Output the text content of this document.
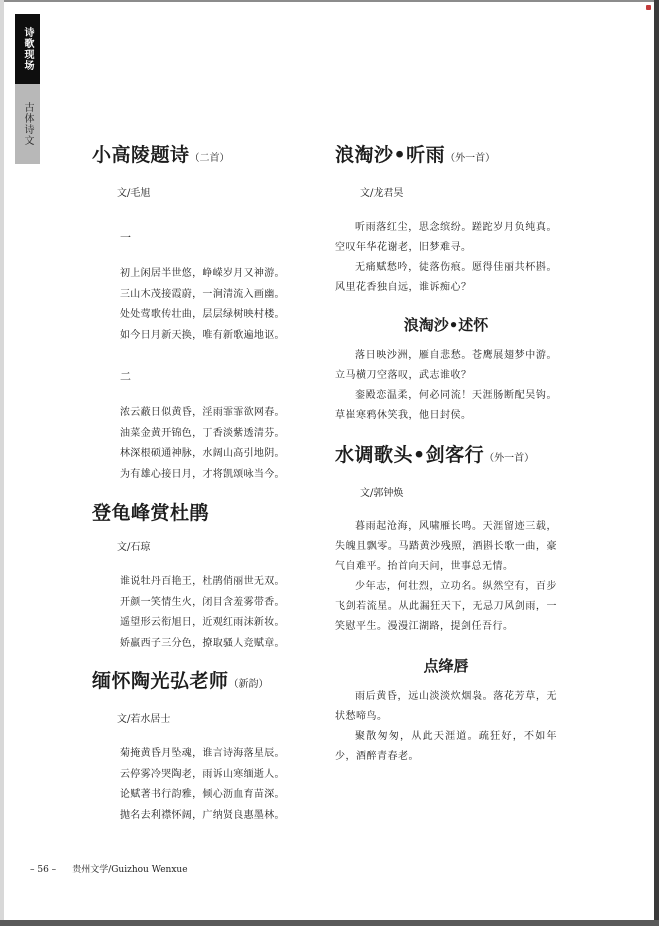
诗歌现场
古体诗文
小高陵题诗（二首）

文/毛旭

一

初上闲居半世悠，峥嵘岁月又神游。

三山木茂接霞蔚，一涧清流入画幽。

处处莺歌传壮曲，层层绿树映村楼。

如今日月新天换，唯有新歌遍地讴。

二

浓云蔽日似黄昏，淫雨霏霏欲网春。

油菜金黄开锦色，丁香淡紫透清芬。

林深根硕通神脉，水阔山高引地阴。

为有雄心接日月，才将凯颂咏当今。

登龟峰赏杜鹃

文/石琼

谁说牡丹百艳王，杜鹃俏丽世无双。

开颜一笑情生火，闭目含羞雾带香。

遥望形云衔旭日，近观红雨沫新妆。

娇羸西子三分色，撩取骚人竞赋章。

缅怀陶光弘老师（新韵）

文/若水居士

菊掩黄昏月坠魂，谁言诗海落星辰。

云停雾冷哭陶老，雨诉山寒缅逝人。

论赋著书行韵雅，倾心沥血育苗深。

抛名去利襟怀阔，广纳贤良惠墨林。

浪淘沙•听雨（外一首）

文/龙君昊

听雨落红尘，思念缤纷。蹉跎岁月负纯真。空叹年华花谢老，旧梦难寻。

无痛赋愁吟，徒落伤痕。愿得佳丽共杯斟。风里花香独自远，谁诉痴心？

浪淘沙•述怀

落日映沙洲，雁自悲愁。苍鹰展翅梦中游。立马横刀空落叹，武志谁收？

銮殿恋温柔，何必同流！天涯肠断配吴钩。草崔寒鸦休笑我，他日封侯。

水调歌头•剑客行（外一首）

文/郭钟焕

暮雨起沧海，风啸雁长鸣。天涯留迹三载，失魄且飘零。马踏黄沙残照，酒斟长歌一曲，豪气自难平。抬首向天问，世事总无情。

少年志，何壮烈，立功名。纵然空有，百步飞剑若流星。从此漏狂天下，无忌刀风剑雨，一笑慰平生。漫漫江湖路，提剑任吾行。

点绛唇

雨后黄昏，远山淡淡炊烟袅。落花芳草，无状愁啼鸟。

聚散匆匆，从此天涯道。疏狂好，不如年少，酒醉青春老。

– 56 – 贵州文学/Guizhou Wenxue
